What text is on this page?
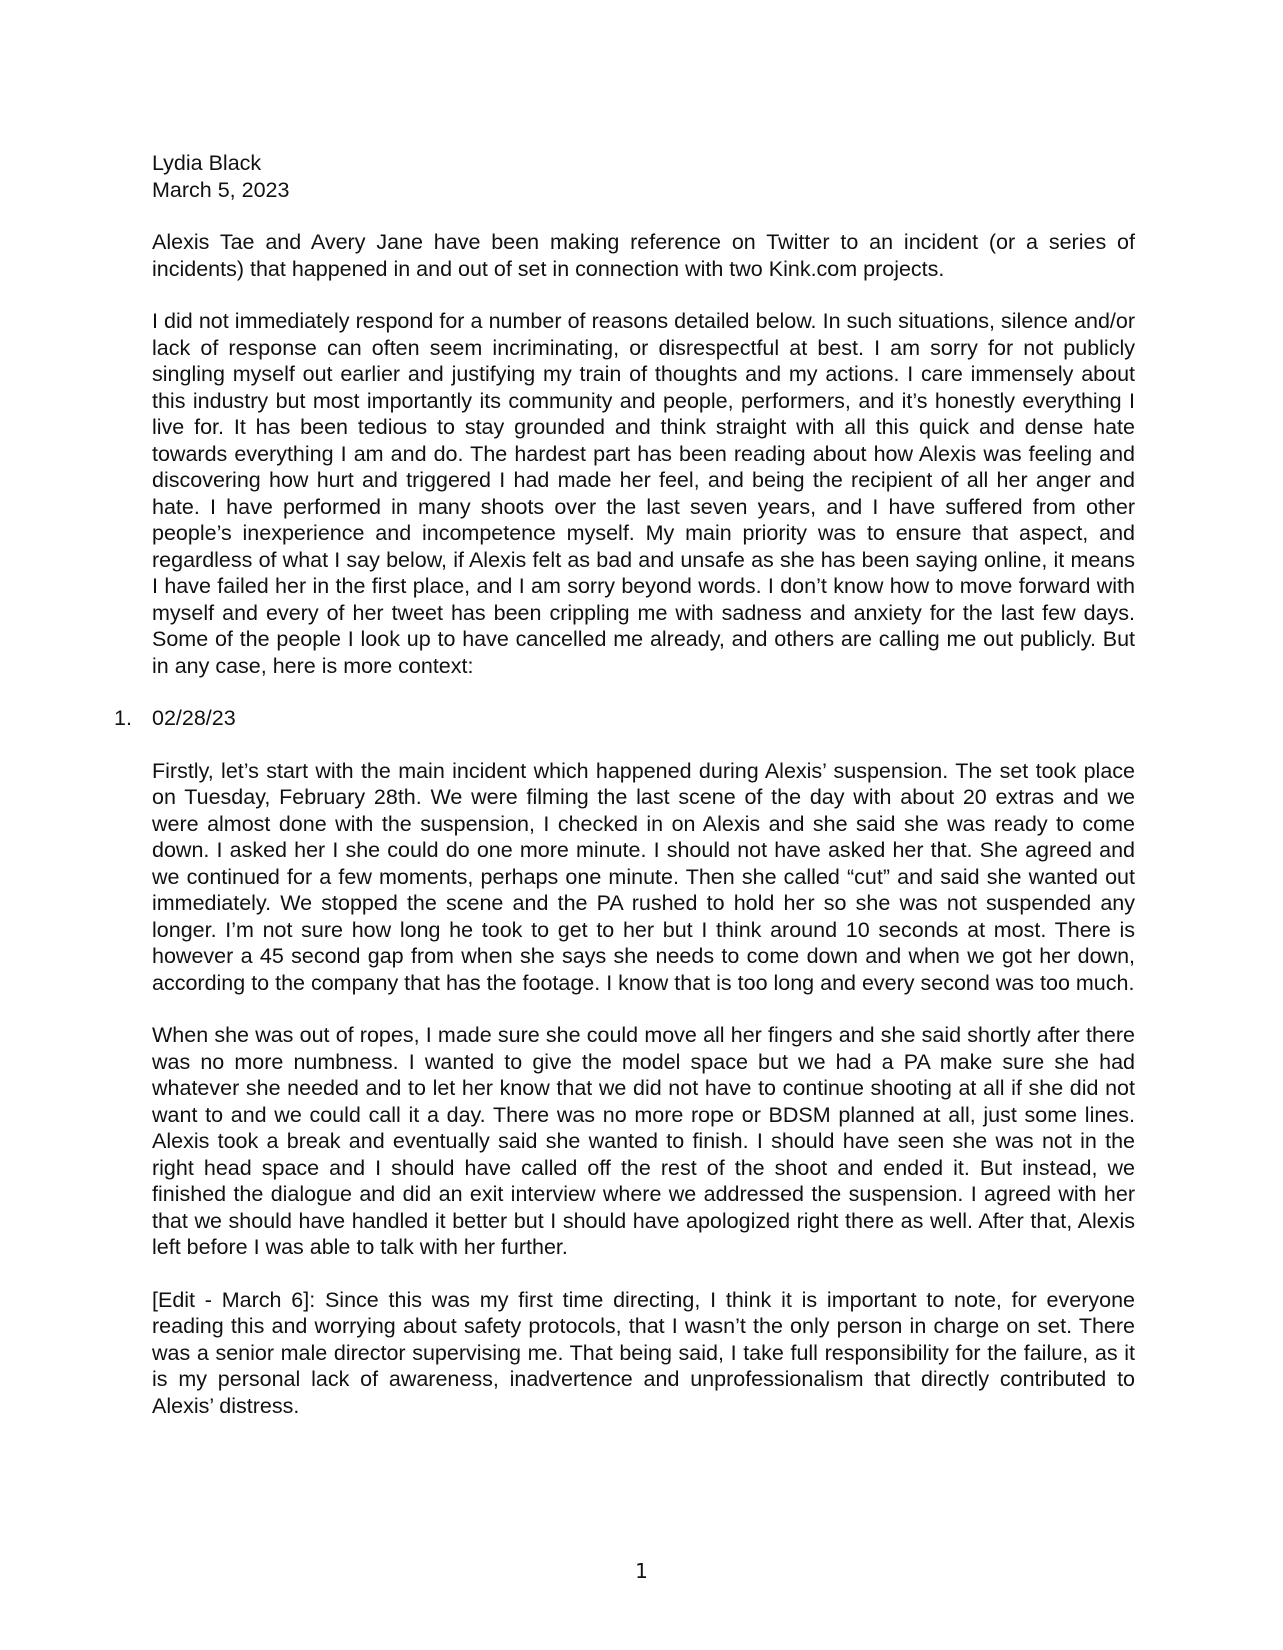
Lydia Black

March 5, 2023

Alexis Tae and Avery Jane have been making reference on Twitter to an incident (or a series of incidents) that happened in and out of set in connection with two Kink.com projects.

I did not immediately respond for a number of reasons detailed below. In such situations, silence and/or lack of response can often seem incriminating, or disrespectful at best. I am sorry for not publicly singling myself out earlier and justifying my train of thoughts and my actions. I care immensely about this industry but most importantly its community and people, performers, and it’s honestly everything I live for. It has been tedious to stay grounded and think straight with all this quick and dense hate towards everything I am and do. The hardest part has been reading about how Alexis was feeling and discovering how hurt and triggered I had made her feel, and being the recipient of all her anger and hate. I have performed in many shoots over the last seven years, and I have suffered from other people’s inexperience and incompetence myself. My main priority was to ensure that aspect, and regardless of what I say below, if Alexis felt as bad and unsafe as she has been saying online, it means I have failed her in the first place, and I am sorry beyond words. I don’t know how to move forward with myself and every of her tweet has been crippling me with sadness and anxiety for the last few days. Some of the people I look up to have cancelled me already, and others are calling me out publicly. But in any case, here is more context:

1. 02/28/23

Firstly, let’s start with the main incident which happened during Alexis’ suspension. The set took place on Tuesday, February 28th. We were filming the last scene of the day with about 20 extras and we were almost done with the suspension, I checked in on Alexis and she said she was ready to come down. I asked her I she could do one more minute. I should not have asked her that. She agreed and we continued for a few moments, perhaps one minute. Then she called “cut” and said she wanted out immediately. We stopped the scene and the PA rushed to hold her so she was not suspended any longer. I’m not sure how long he took to get to her but I think around 10 seconds at most. There is however a 45 second gap from when she says she needs to come down and when we got her down, according to the company that has the footage. I know that is too long and every second was too much.

When she was out of ropes, I made sure she could move all her fingers and she said shortly after there was no more numbness. I wanted to give the model space but we had a PA make sure she had whatever she needed and to let her know that we did not have to continue shooting at all if she did not want to and we could call it a day. There was no more rope or BDSM planned at all, just some lines. Alexis took a break and eventually said she wanted to finish. I should have seen she was not in the right head space and I should have called off the rest of the shoot and ended it. But instead, we finished the dialogue and did an exit interview where we addressed the suspension. I agreed with her that we should have handled it better but I should have apologized right there as well. After that, Alexis left before I was able to talk with her further.

[Edit - March 6]: Since this was my first time directing, I think it is important to note, for everyone reading this and worrying about safety protocols, that I wasn’t the only person in charge on set. There was a senior male director supervising me. That being said, I take full responsibility for the failure, as it is my personal lack of awareness, inadvertence and unprofessionalism that directly contributed to Alexis’ distress.

1
